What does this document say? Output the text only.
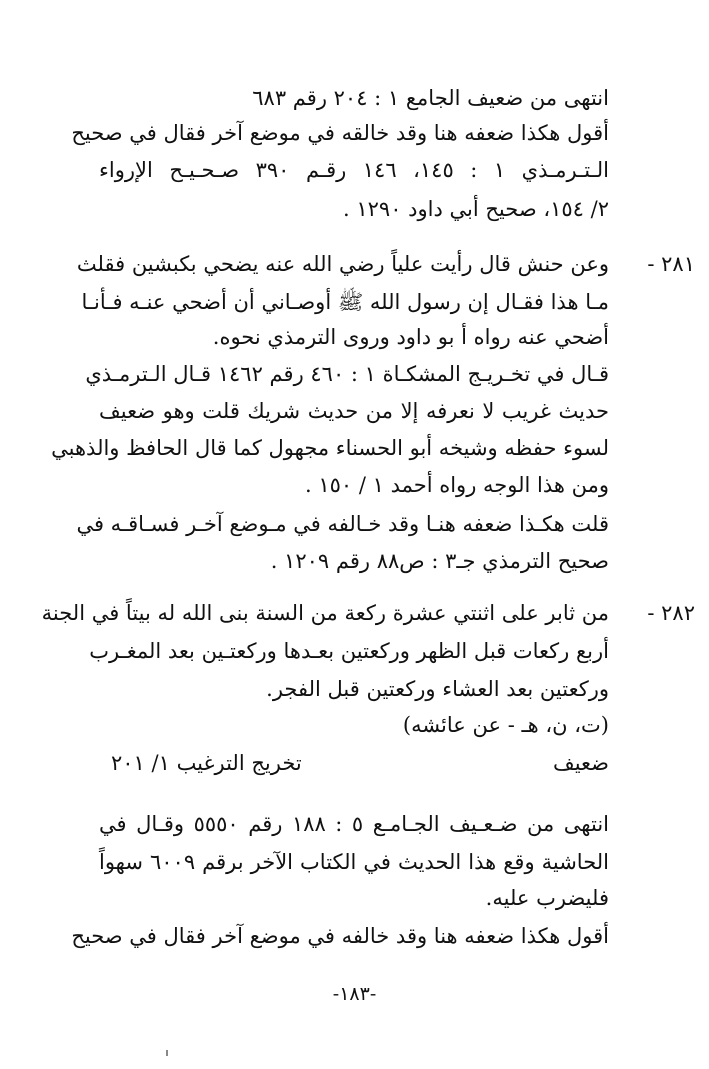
انتهى من ضعيف الجامع ١ : ٢٠٤ رقم ٦٨٣
أقول هكذا ضعفه هنا وقد خالقه في موضع آخر فقال في صحيح
الـتـرمـذي ١ : ١٤٥، ١٤٦ رقـم ٣٩٠ صـحـيـح الإرواء
٢/ ١٥٤، صحيح أبي داود ١٢٩٠ .
٢٨١ -
وعن حنش قال رأيت علياً رضي الله عنه يضحي بكبشين فقلث
مـا هذا فقـال إن رسول الله ﷺ أوصـاني أن أضحي عنـه فـأنـا
أضحي عنه رواه أ بو داود وروى الترمذي نحوه.
قـال في تخـريـج المشكـاة ١ : ٤٦٠ رقم ١٤٦٢ قـال الـترمـذي
حديث غريب لا نعرفه إلا من حديث شريك قلت وهو ضعيف
لسوء حفظه وشيخه أبو الحسناء مجهول كما قال الحافظ والذهبي
ومن هذا الوجه رواه أحمد ١ / ١٥٠ .
قلت هكـذا ضعفه هنـا وقد خـالفه في مـوضع آخـر فسـاقـه في
صحيح الترمذي جـ٣ : ص٨٨ رقم ١٢٠٩ .
٢٨٢ -
من ثابر على اثنتي عشرة ركعة من السنة بنى الله له بيتاً في الجنة
أربع ركعات قبل الظهر وركعتين بعـدها وركعتـين بعد المغـرب
وركعتين بعد العشاء وركعتين قبل الفجر.
(ت، ن، هـ - عن عائشه)
ضعيف
تخريج الترغيب ١/ ٢٠١
انتهى من ضـعـيف الجـامـع ٥ : ١٨٨ رقم ٥٥٥٠ وقـال في
الحاشية وقع هذا الحديث في الكتاب الآخر برقم ٦٠٠٩ سهواً
فليضرب عليه.
أقول هكذا ضعفه هنا وقد خالفه في موضع آخر فقال في صحيح
-١٨٣-
